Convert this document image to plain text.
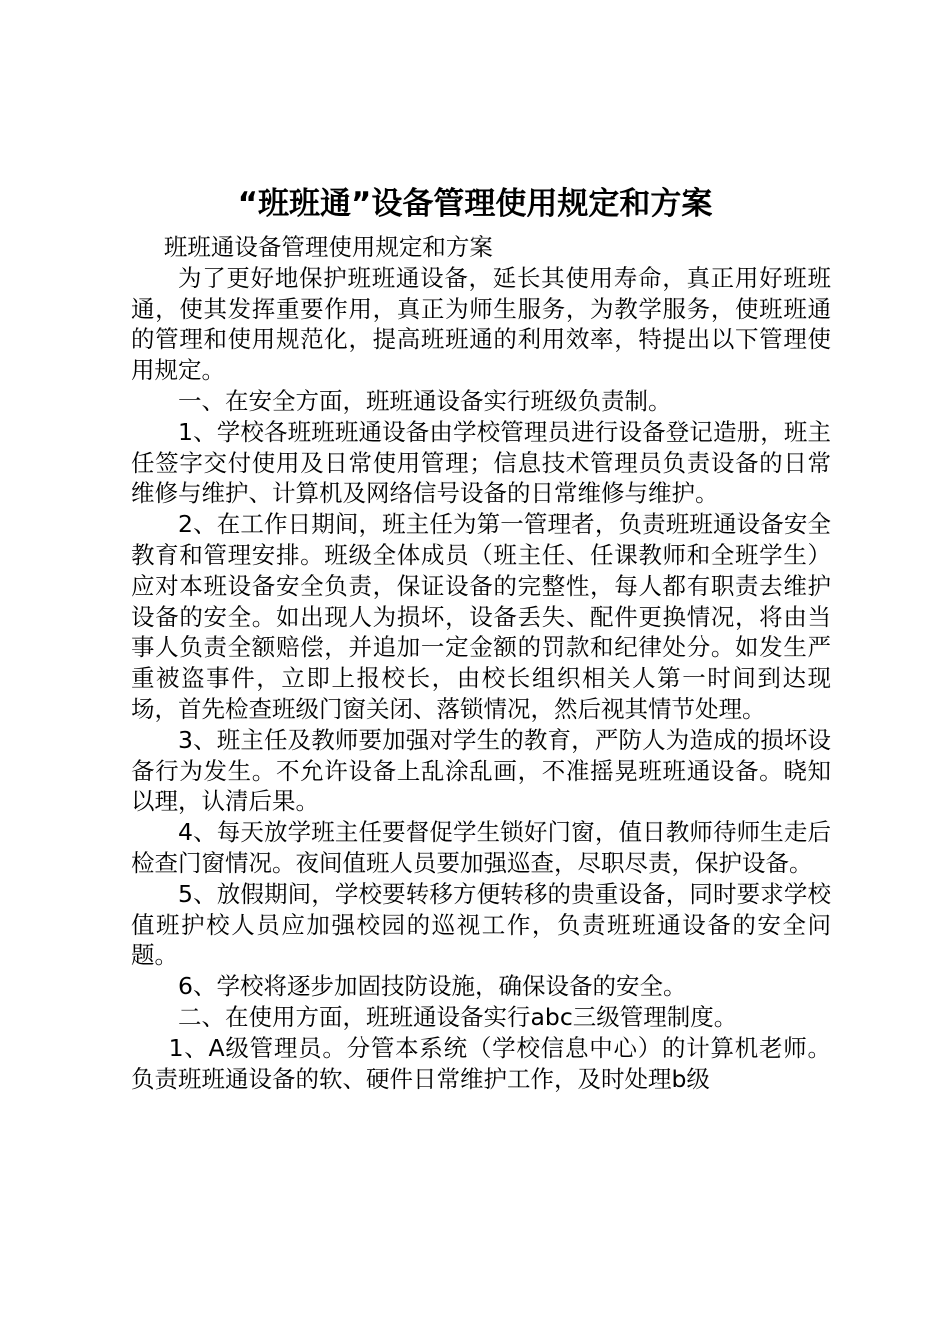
“班班通”设备管理使用规定和方案

班班通设备管理使用规定和方案

为了更好地保护班班通设备，延长其使用寿命，真正用好班班通，使其发挥重要作用，真正为师生服务，为教学服务，使班班通的管理和使用规范化，提高班班通的利用效率，特提出以下管理使用规定。

一、在安全方面，班班通设备实行班级负责制。

1、学校各班班班通设备由学校管理员进行设备登记造册，班主任签字交付使用及日常使用管理；信息技术管理员负责设备的日常维修与维护、计算机及网络信号设备的日常维修与维护。

2、在工作日期间，班主任为第一管理者，负责班班通设备安全教育和管理安排。班级全体成员（班主任、任课教师和全班学生）应对本班设备安全负责，保证设备的完整性，每人都有职责去维护设备的安全。如出现人为损坏，设备丢失、配件更换情况，将由当事人负责全额赔偿，并追加一定金额的罚款和纪律处分。如发生严重被盗事件，立即上报校长，由校长组织相关人第一时间到达现场，首先检查班级门窗关闭、落锁情况，然后视其情节处理。

3、班主任及教师要加强对学生的教育，严防人为造成的损坏设备行为发生。不允许设备上乱涂乱画，不准摇晃班班通设备。晓知以理，认清后果。

4、每天放学班主任要督促学生锁好门窗，值日教师待师生走后检查门窗情况。夜间值班人员要加强巡查，尽职尽责，保护设备。

5、放假期间，学校要转移方便转移的贵重设备，同时要求学校值班护校人员应加强校园的巡视工作，负责班班通设备的安全问题。

6、学校将逐步加固技防设施，确保设备的安全。

二、在使用方面，班班通设备实行abc三级管理制度。

1、A级管理员。分管本系统（学校信息中心）的计算机老师。负责班班通设备的软、硬件日常维护工作，及时处理b级
